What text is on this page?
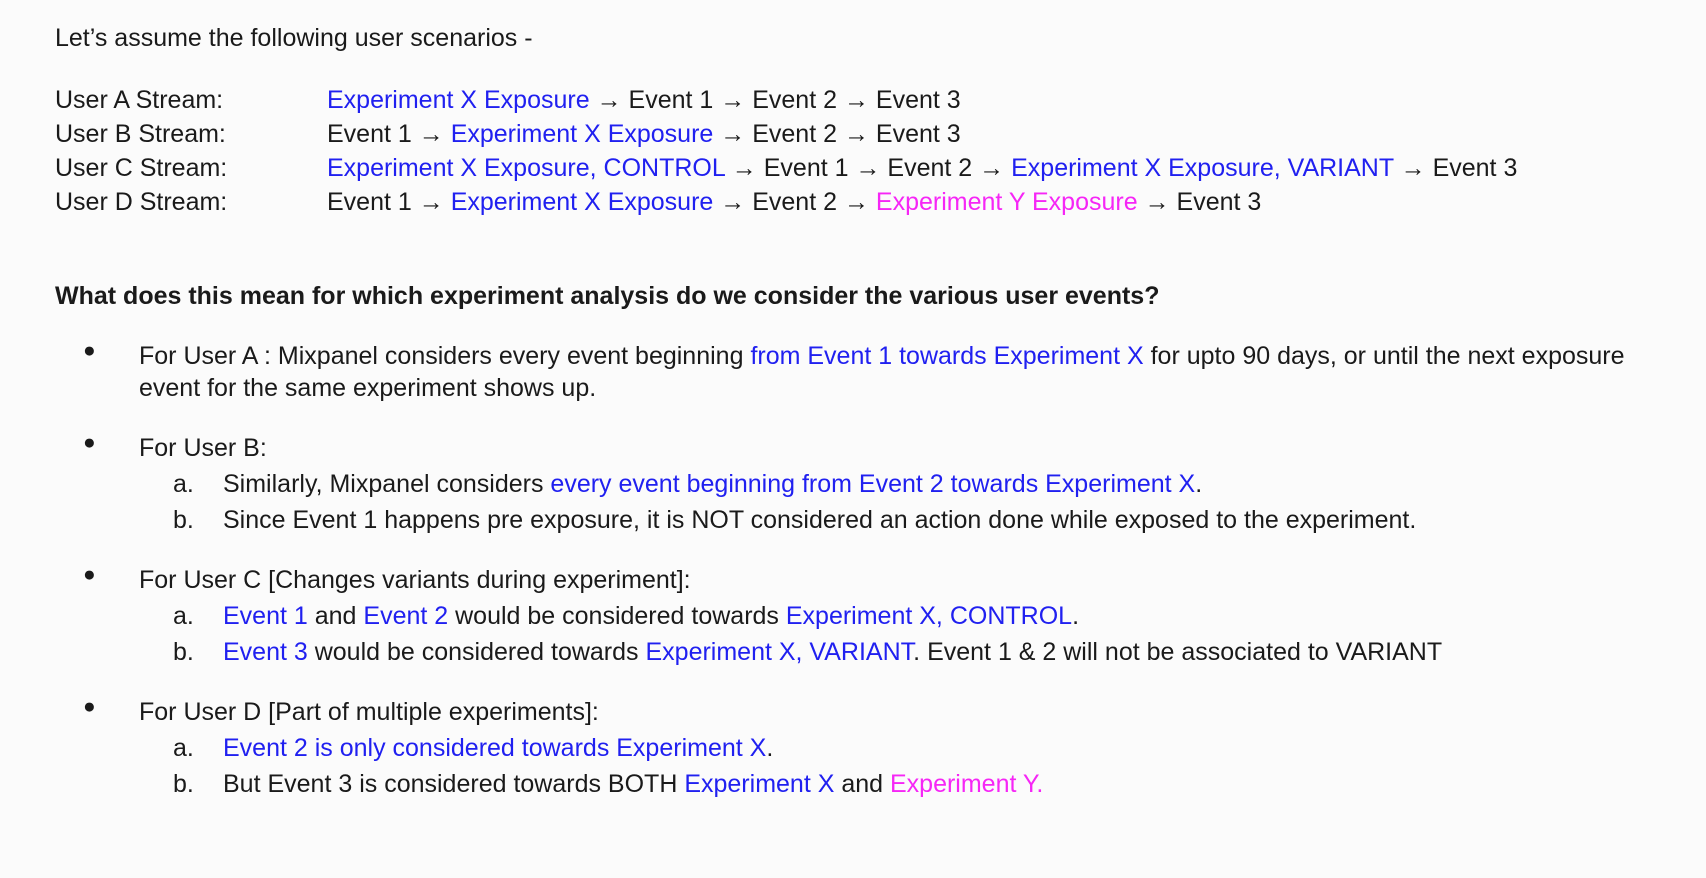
Let’s assume the following user scenarios -
User A Stream:	Experiment X Exposure → Event 1 → Event 2 → Event 3
User B Stream:	Event 1 → Experiment X Exposure → Event 2 → Event 3
User C Stream:	Experiment X Exposure, CONTROL → Event 1 → Event 2 → Experiment X Exposure, VARIANT → Event 3
User D Stream:	Event 1 → Experiment X Exposure → Event 2 → Experiment Y Exposure → Event 3
What does this mean for which experiment analysis do we consider the various user events?
● For User A : Mixpanel considers every event beginning from Event 1 towards Experiment X for upto 90 days, or until the next exposure event for the same experiment shows up.
● For User B:
a. Similarly, Mixpanel considers every event beginning from Event 2 towards Experiment X.
b. Since Event 1 happens pre exposure, it is NOT considered an action done while exposed to the experiment.
● For User C [Changes variants during experiment]:
a. Event 1 and Event 2 would be considered towards Experiment X, CONTROL.
b. Event 3 would be considered towards Experiment X, VARIANT. Event 1 & 2 will not be associated to VARIANT
● For User D [Part of multiple experiments]:
a. Event 2 is only considered towards Experiment X.
b. But Event 3 is considered towards BOTH Experiment X and Experiment Y.
